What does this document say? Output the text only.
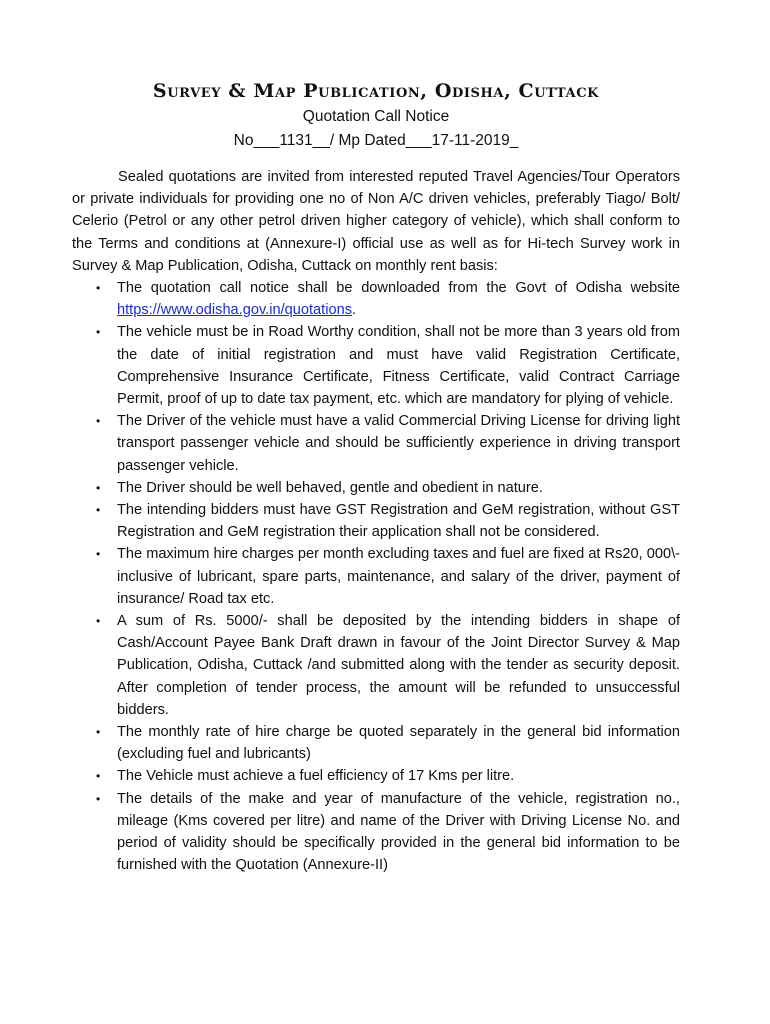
Survey & Map Publication, Odisha, Cuttack

Quotation Call Notice

No___1131__/ Mp Dated___17-11-2019_

Sealed quotations are invited from interested reputed Travel Agencies/Tour Operators or private individuals for providing one no of Non A/C driven vehicles, preferably Tiago/ Bolt/ Celerio (Petrol or any other petrol driven higher category of vehicle), which shall conform to the Terms and conditions at (Annexure-I) official use as well as for Hi-tech Survey work in Survey & Map Publication, Odisha, Cuttack on monthly rent basis:

• The quotation call notice shall be downloaded from the Govt of Odisha website https://www.odisha.gov.in/quotations.
• The vehicle must be in Road Worthy condition, shall not be more than 3 years old from the date of initial registration and must have valid Registration Certificate, Comprehensive Insurance Certificate, Fitness Certificate, valid Contract Carriage Permit, proof of up to date tax payment, etc. which are mandatory for plying of vehicle.
• The Driver of the vehicle must have a valid Commercial Driving License for driving light transport passenger vehicle and should be sufficiently experience in driving transport passenger vehicle.
• The Driver should be well behaved, gentle and obedient in nature.
• The intending bidders must have GST Registration and GeM registration, without GST Registration and GeM registration their application shall not be considered.
• The maximum hire charges per month excluding taxes and fuel are fixed at Rs20, 000\- inclusive of lubricant, spare parts, maintenance, and salary of the driver, payment of insurance/ Road tax etc.
• A sum of Rs. 5000/- shall be deposited by the intending bidders in shape of Cash/Account Payee Bank Draft drawn in favour of the Joint Director Survey & Map Publication, Odisha, Cuttack /and submitted along with the tender as security deposit. After completion of tender process, the amount will be refunded to unsuccessful bidders.
• The monthly rate of hire charge be quoted separately in the general bid information (excluding fuel and lubricants)
• The Vehicle must achieve a fuel efficiency of 17 Kms per litre.
• The details of the make and year of manufacture of the vehicle, registration no., mileage (Kms covered per litre) and name of the Driver with Driving License No. and period of validity should be specifically provided in the general bid information to be furnished with the Quotation (Annexure-II)
